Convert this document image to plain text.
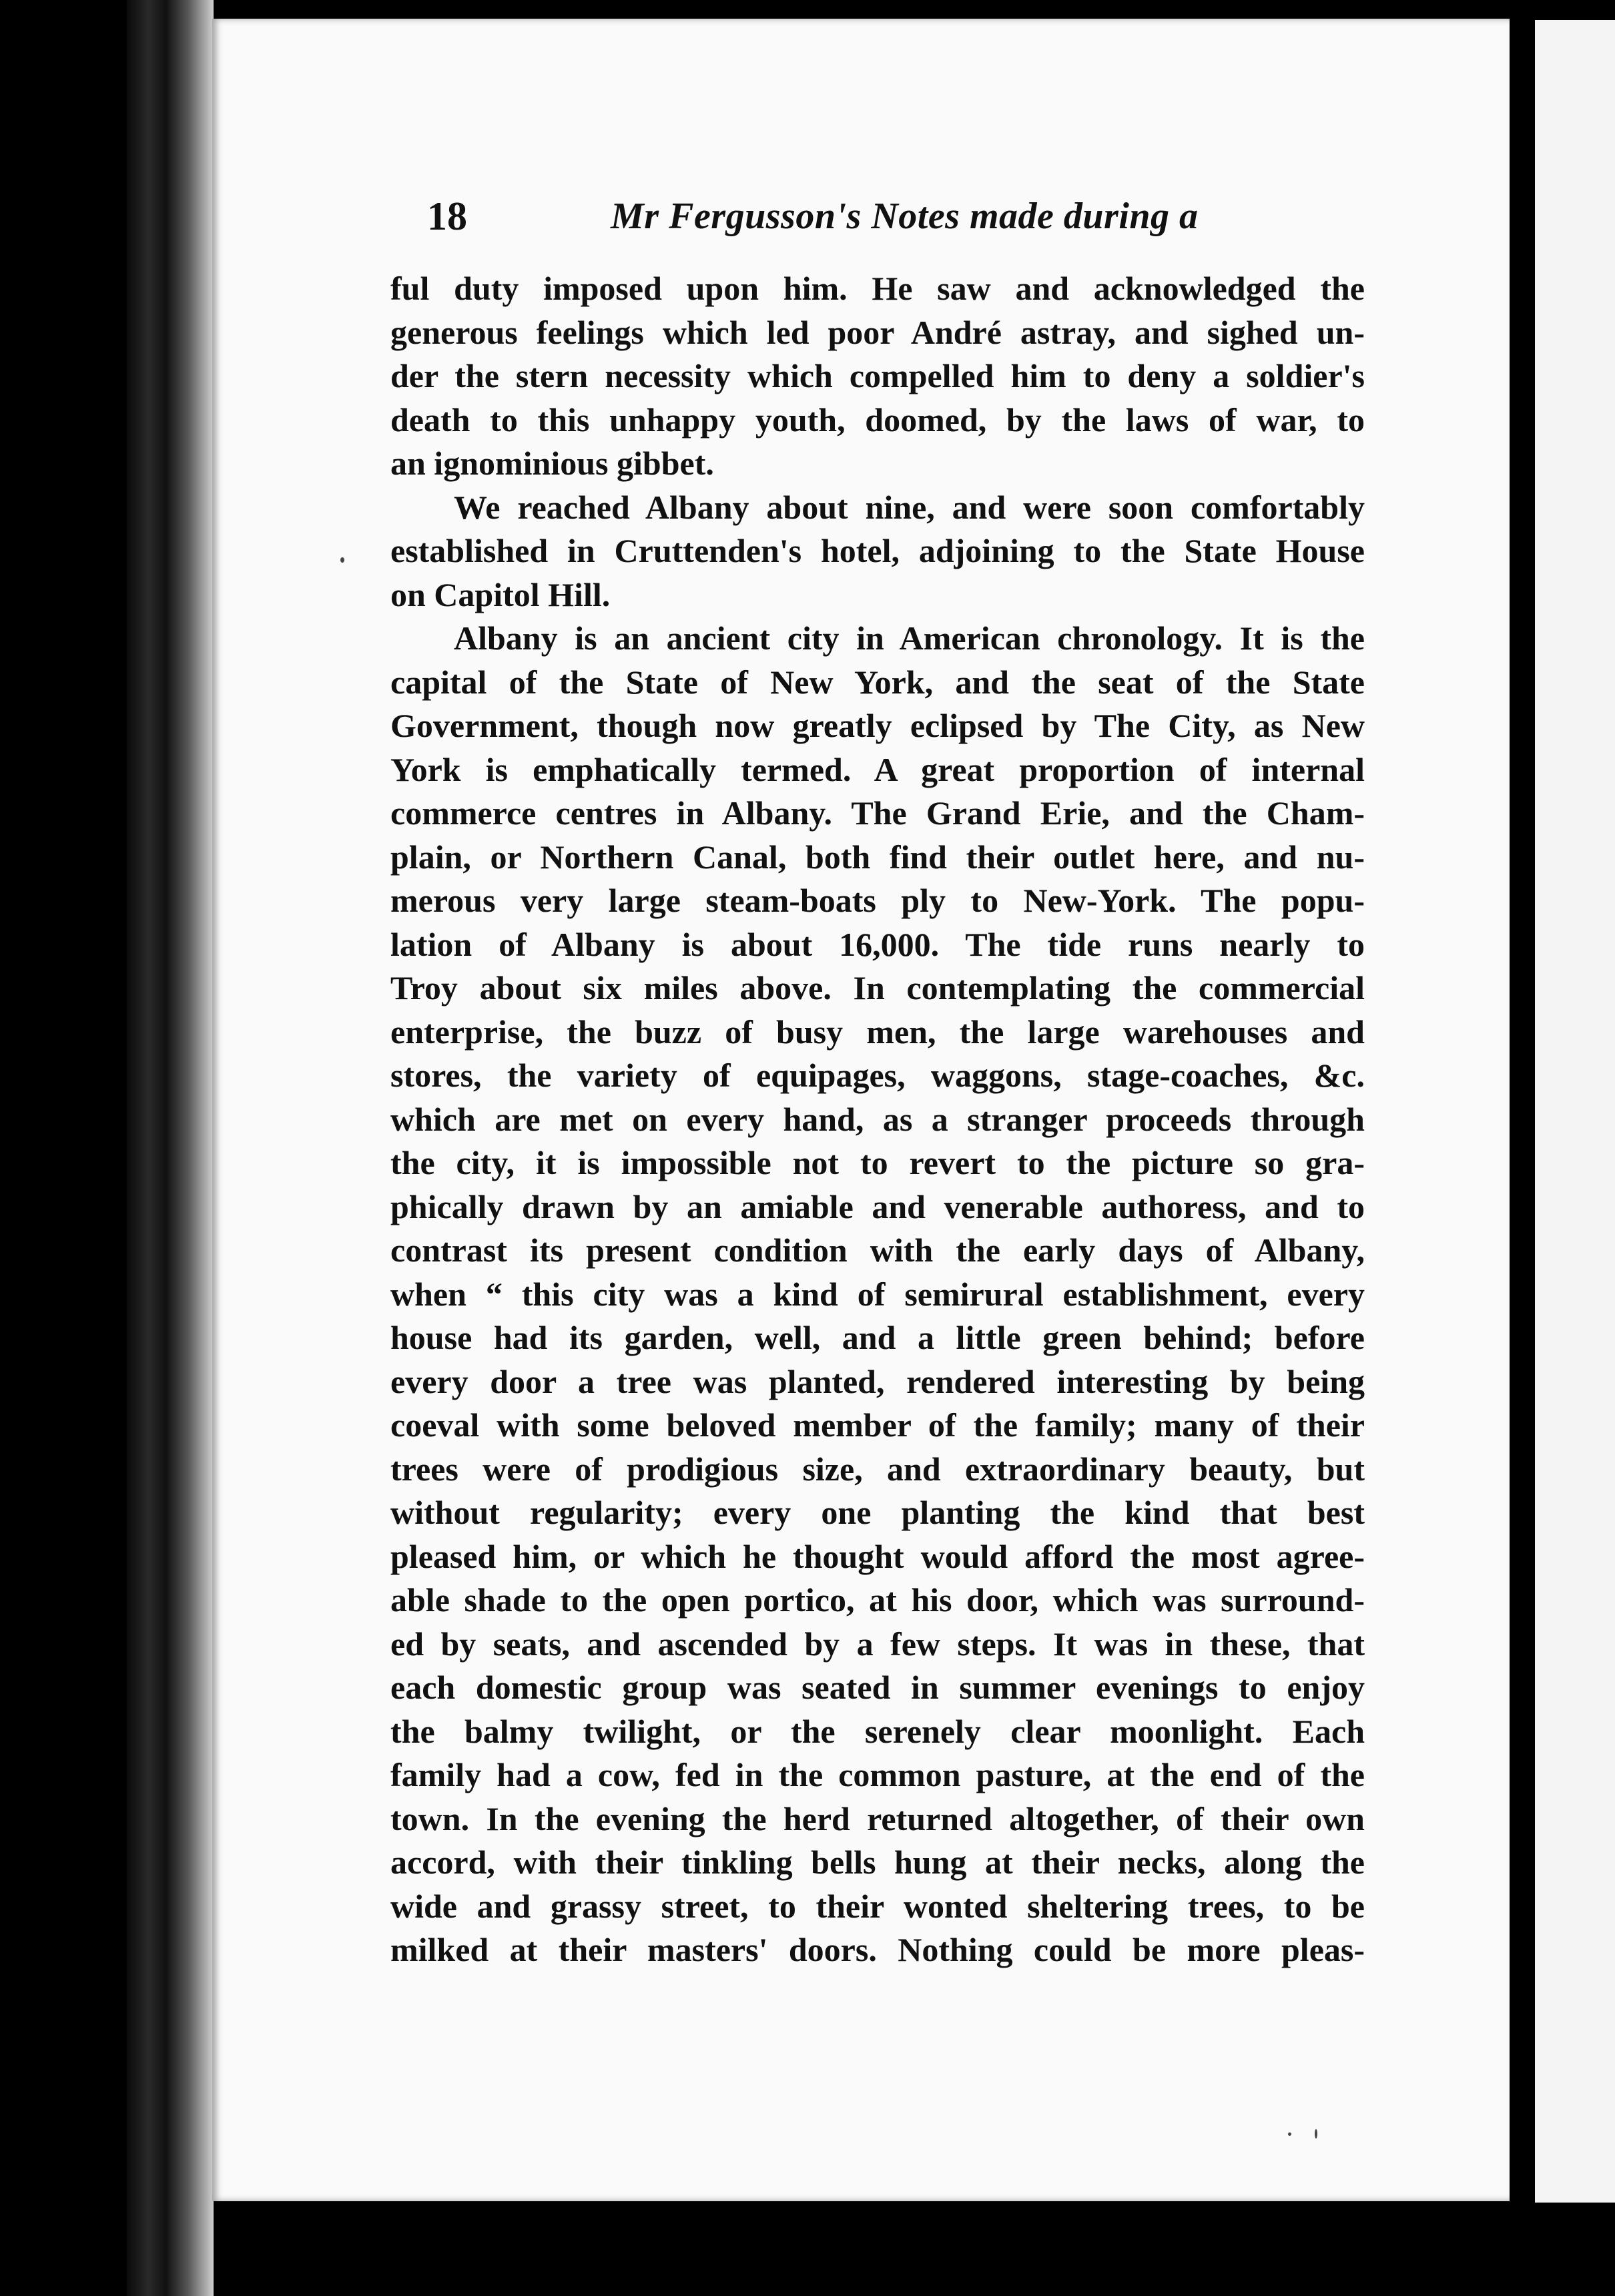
18	Mr Fergusson's Notes made during a
ful duty imposed upon him. He saw and acknowledged the
generous feelings which led poor André astray, and sighed un-
der the stern necessity which compelled him to deny a soldier's
death to this unhappy youth, doomed, by the laws of war, to
an ignominious gibbet.
We reached Albany about nine, and were soon comfortably
established in Cruttenden's hotel, adjoining to the State House
on Capitol Hill.
Albany is an ancient city in American chronology. It is the
capital of the State of New York, and the seat of the State
Government, though now greatly eclipsed by The City, as New
York is emphatically termed. A great proportion of internal
commerce centres in Albany. The Grand Erie, and the Cham-
plain, or Northern Canal, both find their outlet here, and nu-
merous very large steam-boats ply to New-York. The popu-
lation of Albany is about 16,000. The tide runs nearly to
Troy about six miles above. In contemplating the commercial
enterprise, the buzz of busy men, the large warehouses and
stores, the variety of equipages, waggons, stage-coaches, &c.
which are met on every hand, as a stranger proceeds through
the city, it is impossible not to revert to the picture so gra-
phically drawn by an amiable and venerable authoress, and to
contrast its present condition with the early days of Albany,
when “ this city was a kind of semirural establishment, every
house had its garden, well, and a little green behind; before
every door a tree was planted, rendered interesting by being
coeval with some beloved member of the family; many of their
trees were of prodigious size, and extraordinary beauty, but
without regularity; every one planting the kind that best
pleased him, or which he thought would afford the most agree-
able shade to the open portico, at his door, which was surround-
ed by seats, and ascended by a few steps. It was in these, that
each domestic group was seated in summer evenings to enjoy
the balmy twilight, or the serenely clear moonlight. Each
family had a cow, fed in the common pasture, at the end of the
town. In the evening the herd returned altogether, of their own
accord, with their tinkling bells hung at their necks, along the
wide and grassy street, to their wonted sheltering trees, to be
milked at their masters' doors. Nothing could be more pleas-
